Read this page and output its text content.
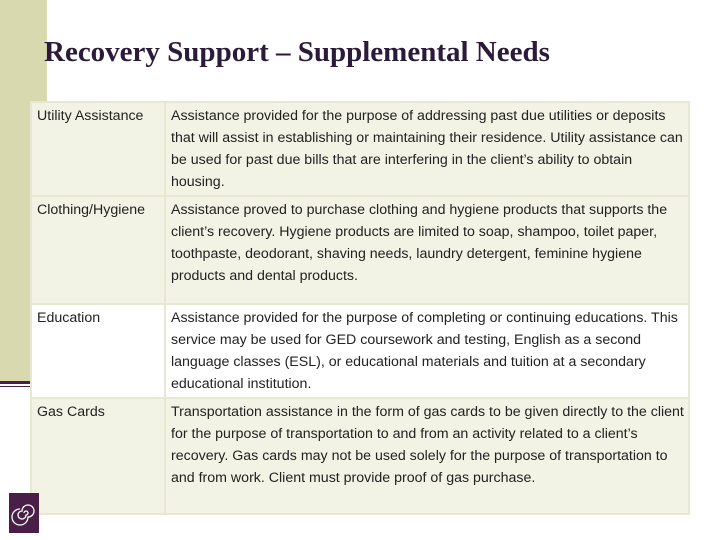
Recovery Support – Supplemental Needs
Utility Assistance	Assistance provided for the purpose of addressing past due utilities or deposits that will assist in establishing or maintaining their residence. Utility assistance can be used for past due bills that are interfering in the client’s ability to obtain housing.
Clothing/Hygiene	Assistance proved to purchase clothing and hygiene products that supports the client’s recovery. Hygiene products are limited to soap, shampoo, toilet paper, toothpaste, deodorant, shaving needs, laundry detergent, feminine hygiene products and dental products.
Education	Assistance provided for the purpose of completing or continuing educations. This service may be used for GED coursework and testing, English as a second language classes (ESL), or educational materials and tuition at a secondary educational institution.
Gas Cards	Transportation assistance in the form of gas cards to be given directly to the client for the purpose of transportation to and from an activity related to a client’s recovery. Gas cards may not be used solely for the purpose of transportation to and from work. Client must provide proof of gas purchase.
